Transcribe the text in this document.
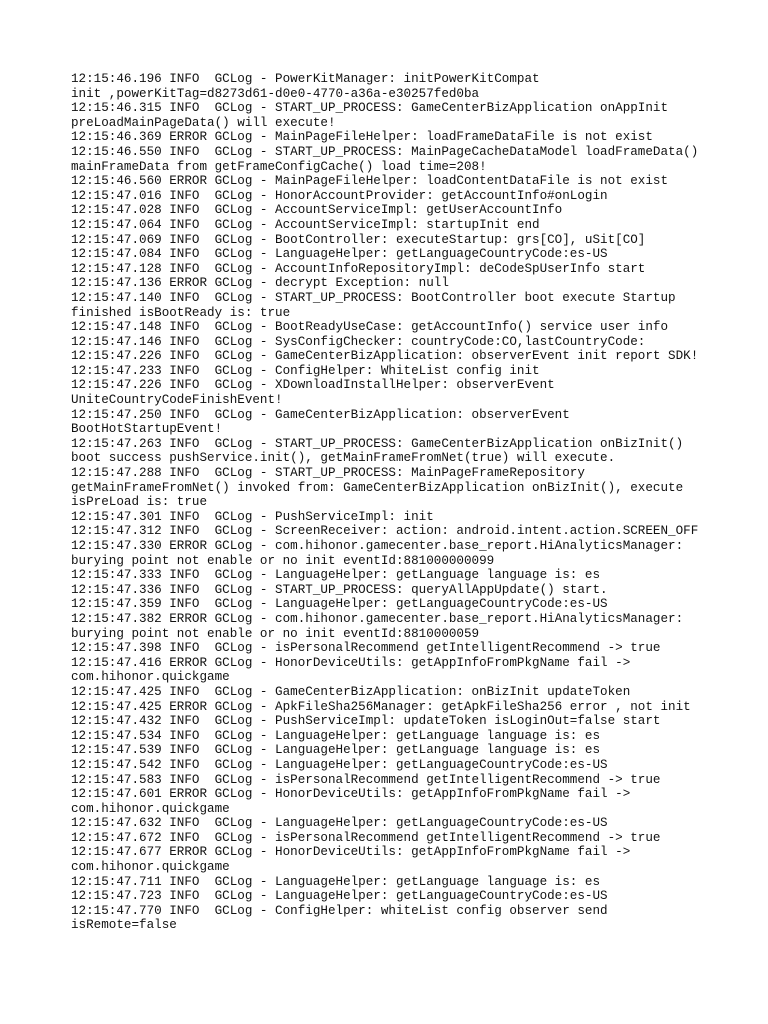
12:15:46.196 INFO  GCLog - PowerKitManager: initPowerKitCompat
init ,powerKitTag=d8273d61-d0e0-4770-a36a-e30257fed0ba
12:15:46.315 INFO  GCLog - START_UP_PROCESS: GameCenterBizApplication onAppInit
preLoadMainPageData() will execute!
12:15:46.369 ERROR GCLog - MainPageFileHelper: loadFrameDataFile is not exist
12:15:46.550 INFO  GCLog - START_UP_PROCESS: MainPageCacheDataModel loadFrameData()
mainFrameData from getFrameConfigCache() load time=208!
12:15:46.560 ERROR GCLog - MainPageFileHelper: loadContentDataFile is not exist
12:15:47.016 INFO  GCLog - HonorAccountProvider: getAccountInfo#onLogin
12:15:47.028 INFO  GCLog - AccountServiceImpl: getUserAccountInfo
12:15:47.064 INFO  GCLog - AccountServiceImpl: startupInit end
12:15:47.069 INFO  GCLog - BootController: executeStartup: grs[CO], uSit[CO]
12:15:47.084 INFO  GCLog - LanguageHelper: getLanguageCountryCode:es-US
12:15:47.128 INFO  GCLog - AccountInfoRepositoryImpl: deCodeSpUserInfo start
12:15:47.136 ERROR GCLog - decrypt Exception: null
12:15:47.140 INFO  GCLog - START_UP_PROCESS: BootController boot execute Startup
finished isBootReady is: true
12:15:47.148 INFO  GCLog - BootReadyUseCase: getAccountInfo() service user info
12:15:47.146 INFO  GCLog - SysConfigChecker: countryCode:CO,lastCountryCode:
12:15:47.226 INFO  GCLog - GameCenterBizApplication: observerEvent init report SDK!
12:15:47.233 INFO  GCLog - ConfigHelper: WhiteList config init
12:15:47.226 INFO  GCLog - XDownloadInstallHelper: observerEvent
UniteCountryCodeFinishEvent!
12:15:47.250 INFO  GCLog - GameCenterBizApplication: observerEvent
BootHotStartupEvent!
12:15:47.263 INFO  GCLog - START_UP_PROCESS: GameCenterBizApplication onBizInit()
boot success pushService.init(), getMainFrameFromNet(true) will execute.
12:15:47.288 INFO  GCLog - START_UP_PROCESS: MainPageFrameRepository
getMainFrameFromNet() invoked from: GameCenterBizApplication onBizInit(), execute
isPreLoad is: true
12:15:47.301 INFO  GCLog - PushServiceImpl: init
12:15:47.312 INFO  GCLog - ScreenReceiver: action: android.intent.action.SCREEN_OFF
12:15:47.330 ERROR GCLog - com.hihonor.gamecenter.base_report.HiAnalyticsManager:
burying point not enable or no init eventId:881000000099
12:15:47.333 INFO  GCLog - LanguageHelper: getLanguage language is: es
12:15:47.336 INFO  GCLog - START_UP_PROCESS: queryAllAppUpdate() start.
12:15:47.359 INFO  GCLog - LanguageHelper: getLanguageCountryCode:es-US
12:15:47.382 ERROR GCLog - com.hihonor.gamecenter.base_report.HiAnalyticsManager:
burying point not enable or no init eventId:8810000059
12:15:47.398 INFO  GCLog - isPersonalRecommend getIntelligentRecommend -> true
12:15:47.416 ERROR GCLog - HonorDeviceUtils: getAppInfoFromPkgName fail ->
com.hihonor.quickgame
12:15:47.425 INFO  GCLog - GameCenterBizApplication: onBizInit updateToken
12:15:47.425 ERROR GCLog - ApkFileSha256Manager: getApkFileSha256 error , not init
12:15:47.432 INFO  GCLog - PushServiceImpl: updateToken isLoginOut=false start
12:15:47.534 INFO  GCLog - LanguageHelper: getLanguage language is: es
12:15:47.539 INFO  GCLog - LanguageHelper: getLanguage language is: es
12:15:47.542 INFO  GCLog - LanguageHelper: getLanguageCountryCode:es-US
12:15:47.583 INFO  GCLog - isPersonalRecommend getIntelligentRecommend -> true
12:15:47.601 ERROR GCLog - HonorDeviceUtils: getAppInfoFromPkgName fail ->
com.hihonor.quickgame
12:15:47.632 INFO  GCLog - LanguageHelper: getLanguageCountryCode:es-US
12:15:47.672 INFO  GCLog - isPersonalRecommend getIntelligentRecommend -> true
12:15:47.677 ERROR GCLog - HonorDeviceUtils: getAppInfoFromPkgName fail ->
com.hihonor.quickgame
12:15:47.711 INFO  GCLog - LanguageHelper: getLanguage language is: es
12:15:47.723 INFO  GCLog - LanguageHelper: getLanguageCountryCode:es-US
12:15:47.770 INFO  GCLog - ConfigHelper: whiteList config observer send
isRemote=false
